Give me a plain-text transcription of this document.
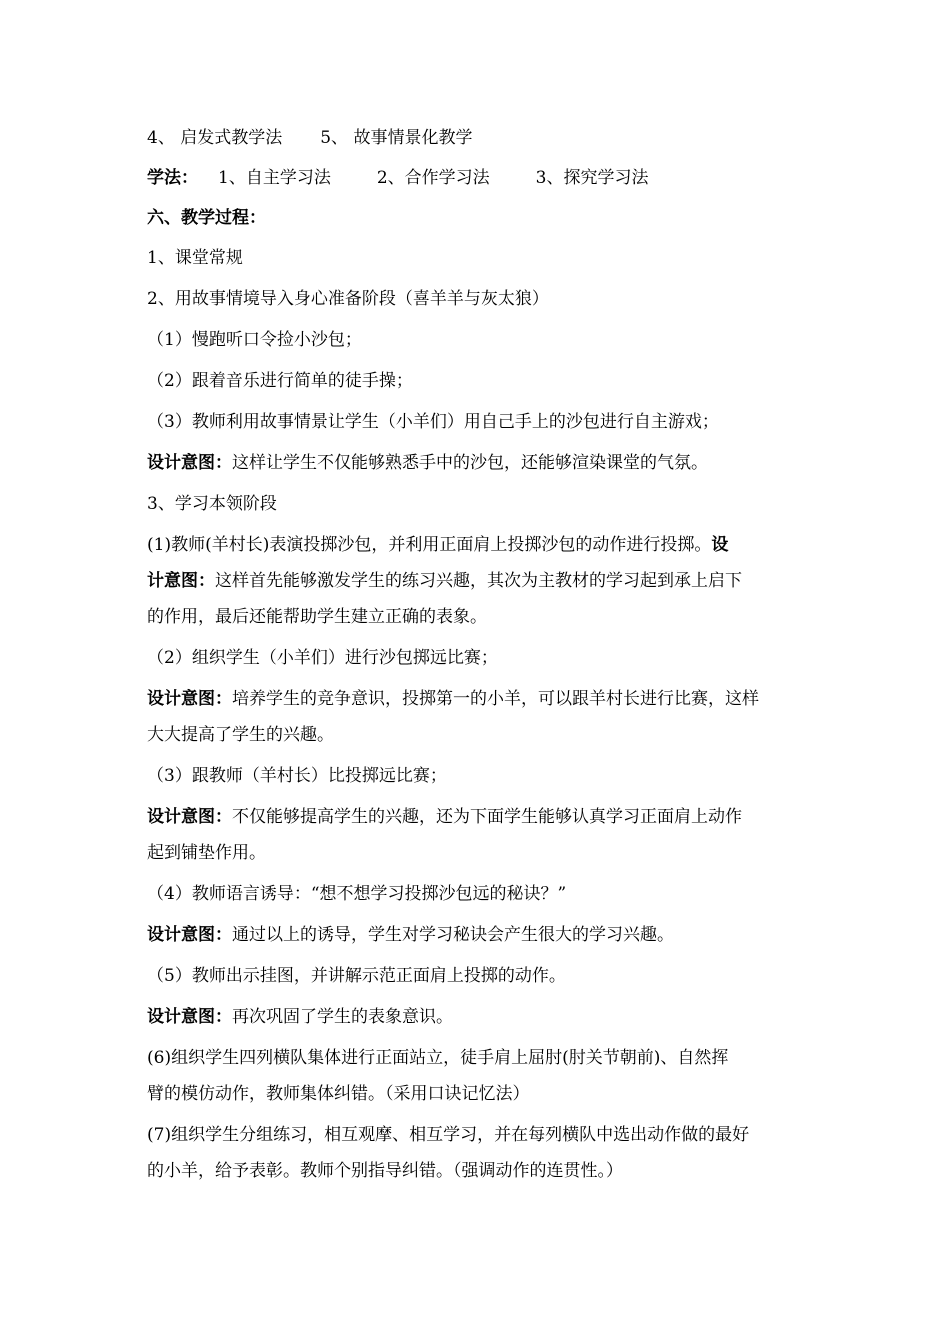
4、 启发式教学法 5、 故事情景化教学
学法： 1、自主学习法	2、合作学习法	3、探究学习法
六、教学过程：
1、课堂常规
2、用故事情境导入身心准备阶段（喜羊羊与灰太狼）
（1）慢跑听口令捡小沙包；
（2）跟着音乐进行简单的徒手操；
（3）教师利用故事情景让学生（小羊们）用自己手上的沙包进行自主游戏；
设计意图：这样让学生不仅能够熟悉手中的沙包，还能够渲染课堂的气氛。
3、学习本领阶段
(1)教师(羊村长)表演投掷沙包，并利用正面肩上投掷沙包的动作进行投掷。设
计意图：这样首先能够激发学生的练习兴趣，其次为主教材的学习起到承上启下
的作用，最后还能帮助学生建立正确的表象。
（2）组织学生（小羊们）进行沙包掷远比赛；
设计意图：培养学生的竞争意识，投掷第一的小羊，可以跟羊村长进行比赛，这样
大大提高了学生的兴趣。
（3）跟教师（羊村长）比投掷远比赛；
设计意图：不仅能够提高学生的兴趣，还为下面学生能够认真学习正面肩上动作
起到铺垫作用。
（4）教师语言诱导：“想不想学习投掷沙包远的秘诀？”
设计意图：通过以上的诱导，学生对学习秘诀会产生很大的学习兴趣。
（5）教师出示挂图，并讲解示范正面肩上投掷的动作。
设计意图：再次巩固了学生的表象意识。
(6)组织学生四列横队集体进行正面站立，徒手肩上屈肘(肘关节朝前)、自然挥
臂的模仿动作，教师集体纠错。（采用口诀记忆法）
(7)组织学生分组练习，相互观摩、相互学习，并在每列横队中选出动作做的最好
的小羊，给予表彰。教师个别指导纠错。（强调动作的连贯性。）
